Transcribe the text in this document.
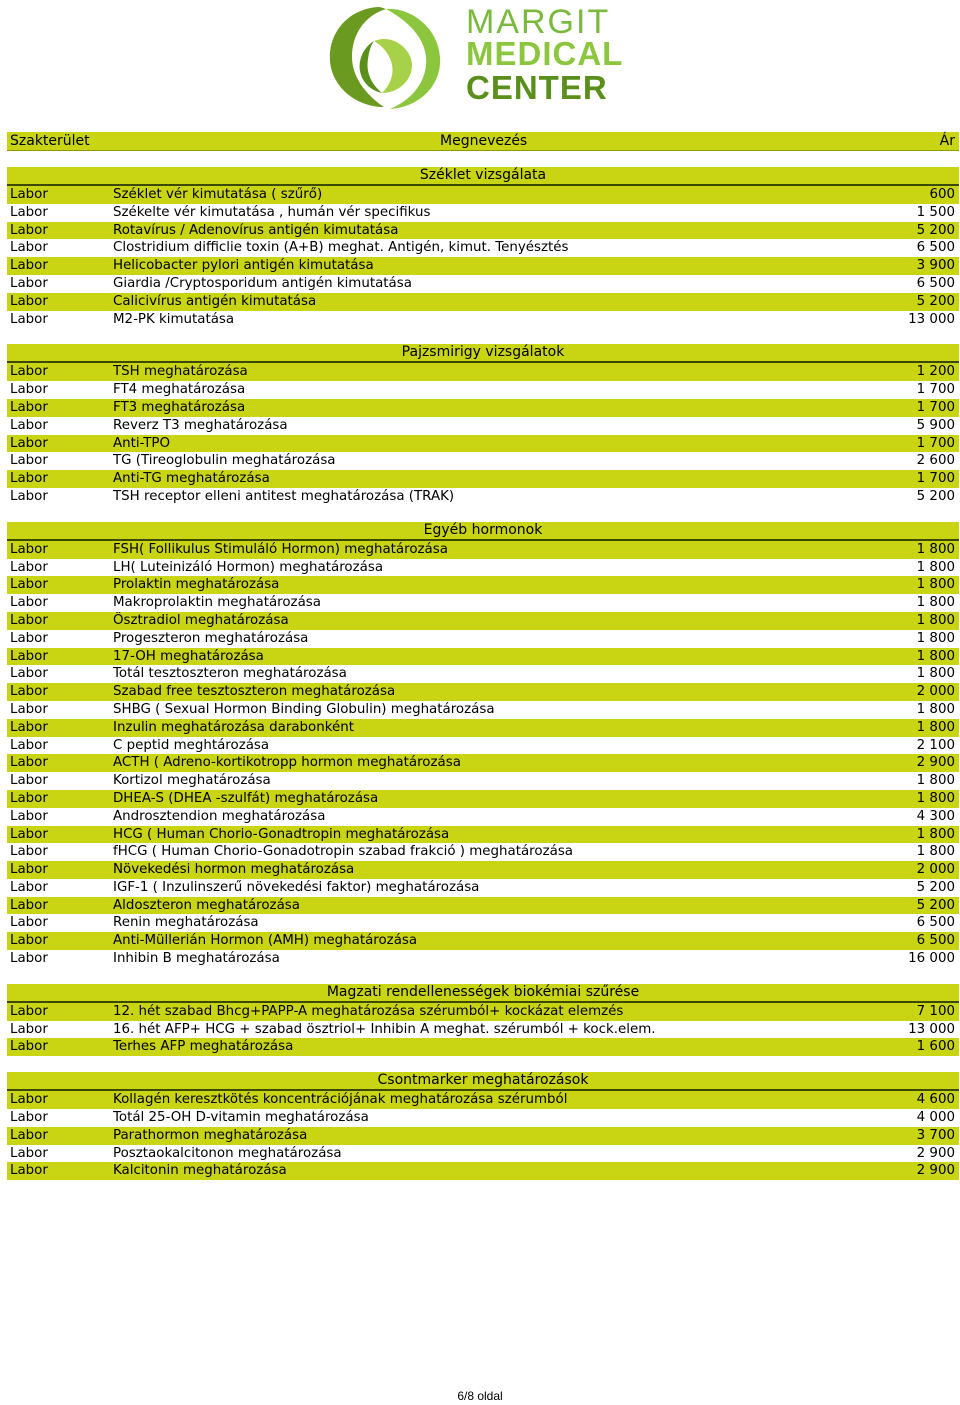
MARGIT
MEDICAL
CENTER
Szakterület	Megnevezés	Ár
Széklet vizsgálata
Labor	Széklet vér kimutatása ( szűrő)	600
Labor	Székelte vér kimutatása , humán vér specifikus	1 500
Labor	Rotavírus / Adenovírus antigén kimutatása	5 200
Labor	Clostridium difficlie toxin (A+B) meghat. Antigén, kimut. Tenyésztés	6 500
Labor	Helicobacter pylori antigén kimutatása	3 900
Labor	Giardia /Cryptosporidum antigén kimutatása	6 500
Labor	Calicivírus antigén kimutatása	5 200
Labor	M2-PK kimutatása	13 000
Pajzsmirigy vizsgálatok
Labor	TSH meghatározása	1 200
Labor	FT4 meghatározása	1 700
Labor	FT3 meghatározása	1 700
Labor	Reverz T3 meghatározása	5 900
Labor	Anti-TPO	1 700
Labor	TG (Tireoglobulin meghatározása	2 600
Labor	Anti-TG meghatározása	1 700
Labor	TSH receptor elleni antitest meghatározása (TRAK)	5 200
Egyéb hormonok
Labor	FSH( Follikulus Stimuláló Hormon) meghatározása	1 800
Labor	LH( Luteinizáló Hormon) meghatározása	1 800
Labor	Prolaktin meghatározása	1 800
Labor	Makroprolaktin meghatározása	1 800
Labor	Ösztradiol meghatározása	1 800
Labor	Progeszteron meghatározása	1 800
Labor	17-OH meghatározása	1 800
Labor	Totál tesztoszteron meghatározása	1 800
Labor	Szabad free tesztoszteron meghatározása	2 000
Labor	SHBG ( Sexual Hormon Binding Globulin) meghatározása	1 800
Labor	Inzulin meghatározása darabonként	1 800
Labor	C peptid meghtározása	2 100
Labor	ACTH ( Adreno-kortikotropp hormon meghatározása	2 900
Labor	Kortizol meghatározása	1 800
Labor	DHEA-S (DHEA -szulfát) meghatározása	1 800
Labor	Androsztendion meghatározása	4 300
Labor	HCG ( Human Chorio-Gonadtropin meghatározása	1 800
Labor	fHCG ( Human Chorio-Gonadotropin szabad frakció ) meghatározása	1 800
Labor	Növekedési hormon meghatározása	2 000
Labor	IGF-1 ( Inzulinszerű növekedési faktor) meghatározása	5 200
Labor	Aldoszteron meghatározása	5 200
Labor	Renin meghatározása	6 500
Labor	Anti-Müllerián Hormon (AMH) meghatározása	6 500
Labor	Inhibin B meghatározása	16 000
Magzati rendellenességek biokémiai szűrése
Labor	12. hét szabad Bhcg+PAPP-A meghatározása szérumból+ kockázat elemzés	7 100
Labor	16. hét AFP+ HCG + szabad ösztriol+ Inhibin A meghat. szérumból + kock.elem.	13 000
Labor	Terhes AFP meghatározása	1 600
Csontmarker meghatározások
Labor	Kollagén keresztkötés koncentrációjának meghatározása szérumból	4 600
Labor	Totál 25-OH D-vitamin meghatározása	4 000
Labor	Parathormon meghatározása	3 700
Labor	Posztaokalcitonon meghatározása	2 900
Labor	Kalcitonin meghatározása	2 900
6/8 oldal
